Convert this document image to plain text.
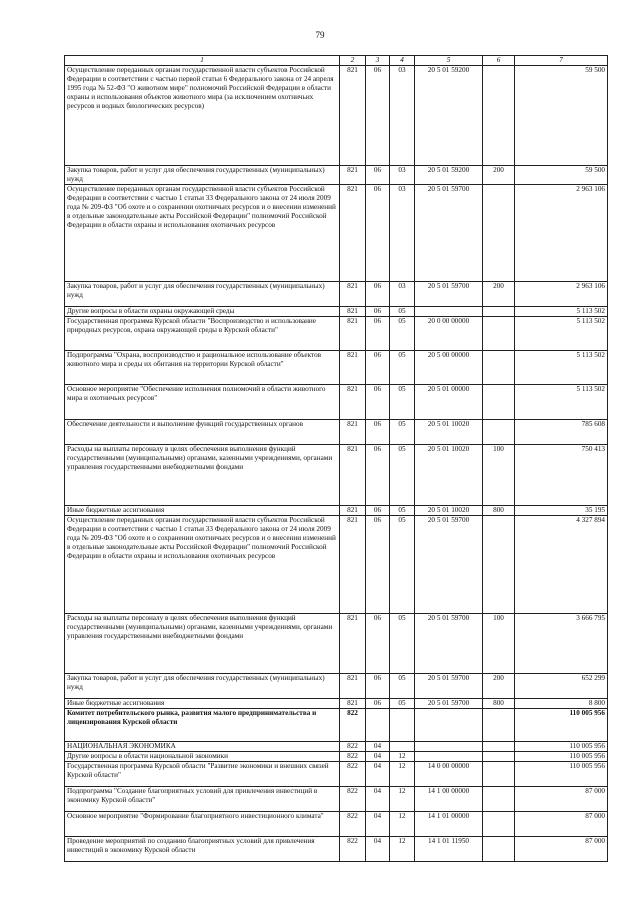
79
1	2	3	4	5	6	7
Осуществление переданных органам государственной власти субъектов Российской Федерации в соответствии с частью первой статьи 6 Федерального закона от 24 апреля 1995 года № 52-ФЗ "О животном мире" полномочий Российской Федерации в области охраны и использования объектов животного мира (за исключением охотничьих ресурсов и водных биологических ресурсов)	821	06	03	20 5 01 59200		59 500
Закупка товаров, работ и услуг для обеспечения государственных (муниципальных) нужд	821	06	03	20 5 01 59200	200	59 500
Осуществление переданных органам государственной власти субъектов Российской Федерации в соответствии с частью 1 статьи 33 Федерального закона от 24 июля 2009 года № 209-ФЗ "Об охоте и о сохранении охотничьих ресурсов и о внесении изменений в отдельные законодательные акты Российской Федерации" полномочий Российской Федерации в области охраны и использования охотничьих ресурсов	821	06	03	20 5 01 59700		2 963 106
Закупка товаров, работ и услуг для обеспечения государственных (муниципальных) нужд	821	06	03	20 5 01 59700	200	2 963 106
Другие вопросы в области охраны окружающей среды	821	06	05			5 113 502
Государственная программа Курской области "Воспроизводство и использование природных ресурсов, охрана окружающей среды в Курской области"	821	06	05	20 0 00 00000		5 113 502
Подпрограмма "Охрана, воспроизводство и рациональное использование объектов животного мира и среды их обитания на территории Курской области"	821	06	05	20 5 00 00000		5 113 502
Основное мероприятие "Обеспечение исполнения полномочий в области животного мира и охотничьих ресурсов"	821	06	05	20 5 01 00000		5 113 502
Обеспечение деятельности и выполнение функций государственных органов	821	06	05	20 5 01 10020		785 608
Расходы на выплаты персоналу в целях обеспечения выполнения функций государственными (муниципальными) органами, казенными учреждениями, органами управления государственными внебюджетными фондами	821	06	05	20 5 01 10020	100	750 413
Иные бюджетные ассигнования	821	06	05	20 5 01 10020	800	35 195
Осуществление переданных органам государственной власти субъектов Российской Федерации в соответствии с частью 1 статьи 33 Федерального закона от 24 июля 2009 года № 209-ФЗ "Об охоте и о сохранении охотничьих ресурсов и о внесении изменений в отдельные законодательные акты Российской Федерации" полномочий Российской Федерации в области охраны и использования охотничьих ресурсов	821	06	05	20 5 01 59700		4 327 894
Расходы на выплаты персоналу в целях обеспечения выполнения функций государственными (муниципальными) органами, казенными учреждениями, органами управления государственными внебюджетными фондами	821	06	05	20 5 01 59700	100	3 666 795
Закупка товаров, работ и услуг для обеспечения государственных (муниципальных) нужд	821	06	05	20 5 01 59700	200	652 299
Иные бюджетные ассигнования	821	06	05	20 5 01 59700	800	8 800
Комитет потребительского рынка, развития малого предпринимательства и лицензирования Курской области	822					110 005 956
НАЦИОНАЛЬНАЯ ЭКОНОМИКА	822	04				110 005 956
Другие вопросы в области национальной экономики	822	04	12			110 005 956
Государственная программа Курской области "Развитие экономики и внешних связей Курской области"	822	04	12	14 0 00 00000		110 005 956
Подпрограмма "Создание благоприятных условий для привлечения инвестиций в экономику Курской области"	822	04	12	14 1 00 00000		87 000
Основное мероприятие "Формирование благоприятного инвестиционного климата"	822	04	12	14 1 01 00000		87 000
Проведение мероприятий по созданию благоприятных условий для привлечения инвестиций в экономику Курской области	822	04	12	14 1 01 11950		87 000
